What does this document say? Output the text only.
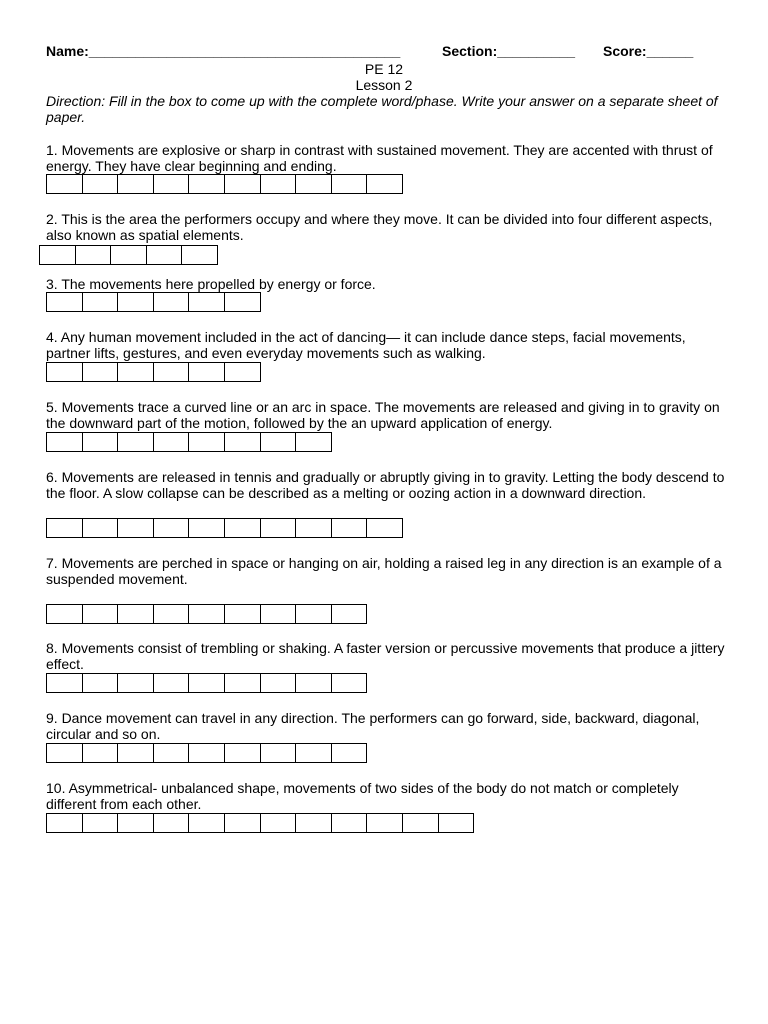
Name:________________________________________	Section:__________ Score:______
PE 12
Lesson 2
Direction: Fill in the box to come up with the complete word/phase. Write your answer on a separate sheet of paper.
1. Movements are explosive or sharp in contrast with sustained movement. They are accented with thrust of energy. They have clear beginning and ending.
2. This is the area the performers occupy and where they move. It can be divided into four different aspects, also known as spatial elements.
3. The movements here propelled by energy or force.
4. Any human movement included in the act of dancing— it can include dance steps, facial movements, partner lifts, gestures, and even everyday movements such as walking.
5. Movements trace a curved line or an arc in space. The movements are released and giving in to gravity on the downward part of the motion, followed by the an upward application of energy.
6. Movements are released in tennis and gradually or abruptly giving in to gravity. Letting the body descend to the floor. A slow collapse can be described as a melting or oozing action in a downward direction.
7. Movements are perched in space or hanging on air, holding a raised leg in any direction is an example of a suspended movement.
8. Movements consist of trembling or shaking. A faster version or percussive movements that produce a jittery effect.
9. Dance movement can travel in any direction. The performers can go forward, side, backward, diagonal, circular and so on.
10. Asymmetrical- unbalanced shape, movements of two sides of the body do not match or completely different from each other.
